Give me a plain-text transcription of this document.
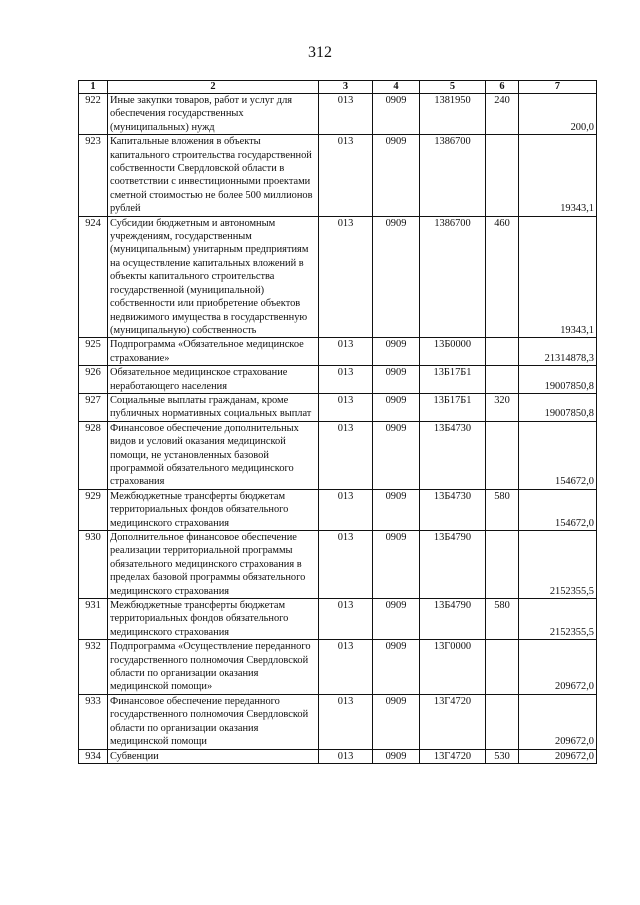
312
1	2	3	4	5	6	7
922	Иные закупки товаров, работ и услуг для обеспечения государственных (муниципальных) нужд	013	0909	1381950	240	200,0
923	Капитальные вложения в объекты капитального строительства государственной собственности Свердловской области в соответствии с инвестиционными проектами сметной стоимостью не более 500 миллионов рублей	013	0909	1386700		19343,1
924	Субсидии бюджетным и автономным учреждениям, государственным (муниципальным) унитарным предприятиям на осуществление капитальных вложений в объекты капитального строительства государственной (муниципальной) собственности или приобретение объектов недвижимого имущества в государственную (муниципальную) собственность	013	0909	1386700	460	19343,1
925	Подпрограмма «Обязательное медицинское страхование»	013	0909	13Б0000		21314878,3
926	Обязательное медицинское страхование неработающего населения	013	0909	13Б17Б1		19007850,8
927	Социальные выплаты гражданам, кроме публичных нормативных социальных выплат	013	0909	13Б17Б1	320	19007850,8
928	Финансовое обеспечение дополнительных видов и условий оказания медицинской помощи, не установленных базовой программой обязательного медицинского страхования	013	0909	13Б4730		154672,0
929	Межбюджетные трансферты бюджетам территориальных фондов обязательного медицинского страхования	013	0909	13Б4730	580	154672,0
930	Дополнительное финансовое обеспечение реализации территориальной программы обязательного медицинского страхования в пределах базовой программы обязательного медицинского страхования	013	0909	13Б4790		2152355,5
931	Межбюджетные трансферты бюджетам территориальных фондов обязательного медицинского страхования	013	0909	13Б4790	580	2152355,5
932	Подпрограмма «Осуществление переданного государственного полномочия Свердловской области по организации оказания медицинской помощи»	013	0909	13Г0000		209672,0
933	Финансовое обеспечение переданного государственного полномочия Свердловской области по организации оказания медицинской помощи	013	0909	13Г4720		209672,0
934	Субвенции	013	0909	13Г4720	530	209672,0
